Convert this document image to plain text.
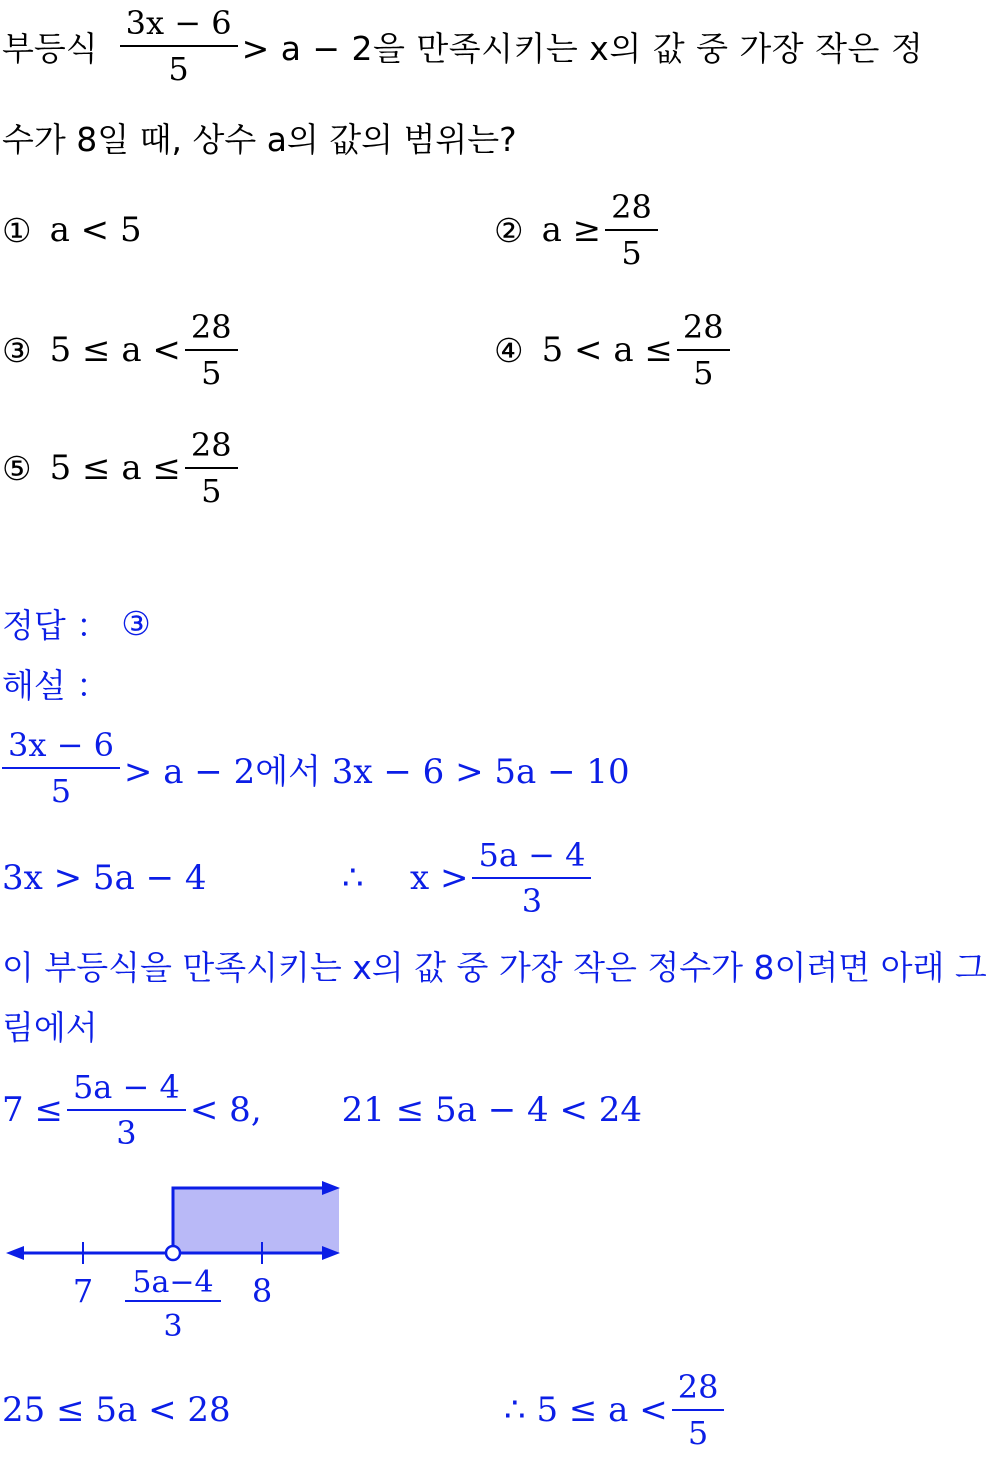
부등식 $\frac{3x - 6}{5} > a - 2$을 만족시키는 x의 값 중 가장 작은 정
수가 8일 때, 상수 a의 값의 범위는?
① a < 5	② $a \ge \frac{28}{5}$
③ $5 \le a < \frac{28}{5}$	④ $5 < a \le \frac{28}{5}$
⑤ $5 \le a \le \frac{28}{5}$
정답 ： ③
해설 ：
$\frac{3x - 6}{5} > a - 2$에서 3x − 6 > 5a − 10
3x > 5a − 4	∴	$x > \frac{5a - 4}{3}$
이 부등식을 만족시키는 x의 값 중 가장 작은 정수가 8이려면 아래 그
림에서
$7 \le \frac{5a - 4}{3} < 8$, 21 ≤ 5a − 4 < 24
7 5a−4
3
8
25 ≤ 5a < 28	∴ $5 \le a < \frac{28}{5}$
